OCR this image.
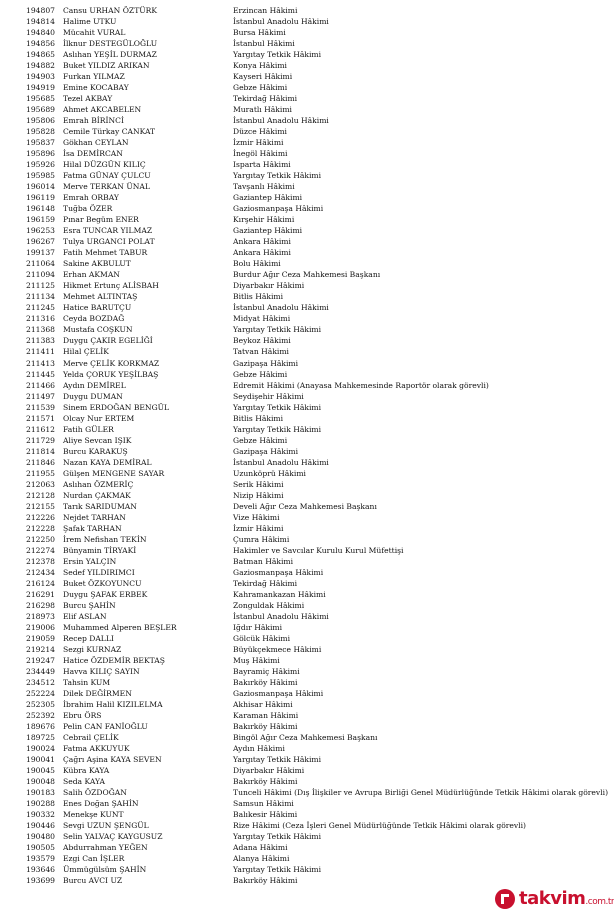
194807 Cansu URHAN ÖZTÜRK	Erzincan Hâkimi
194814 Halime UTKU	İstanbul Anadolu Hâkimi
194840 Mücahit VURAL	Bursa Hâkimi
194856 İlknur DESTEGÜLOĞLU	İstanbul Hâkimi
194865 Aslıhan YEŞİL DURMAZ	Yargıtay Tetkik Hâkimi
194882 Buket YILDIZ ARIKAN	Konya Hâkimi
194903 Furkan YILMAZ	Kayseri Hâkimi
194919 Emine KOCABAY	Gebze Hâkimi
195685 Tezel AKBAY	Tekirdağ Hâkimi
195689 Ahmet AKCABELEN	Muratlı Hâkimi
195806 Emrah BİRİNCİ	İstanbul Anadolu Hâkimi
195828 Cemile Türkay CANKAT	Düzce Hâkimi
195837 Gökhan CEYLAN	İzmir Hâkimi
195896 İsa DEMİRCAN	İnegöl Hâkimi
195926 Hilal DÜZGÜN KILIÇ	Isparta Hâkimi
195985 Fatma GÜNAY ÇULCU	Yargıtay Tetkik Hâkimi
196014 Merve TERKAN ÜNAL	Tavşanlı Hâkimi
196119 Emrah ORBAY	Gaziantep Hâkimi
196148 Tuğba ÖZER	Gaziosmanpaşa Hâkimi
196159 Pınar Begüm ENER	Kırşehir Hâkimi
196253 Esra TUNCAR YILMAZ	Gaziantep Hâkimi
196267 Tulya URGANCI POLAT	Ankara Hâkimi
199137 Fatih Mehmet TABUR	Ankara Hâkimi
211064 Sakine AKBULUT	Bolu Hâkimi
211094 Erhan AKMAN	Burdur Ağır Ceza Mahkemesi Başkanı
211125 Hikmet Ertunç ALİSBAH	Diyarbakır Hâkimi
211134 Mehmet ALTINTAŞ	Bitlis Hâkimi
211245 Hatice BARUTÇU	İstanbul Anadolu Hâkimi
211316 Ceyda BOZDAĞ	Midyat Hâkimi
211368 Mustafa COŞKUN	Yargıtay Tetkik Hâkimi
211383 Duygu ÇAKIR EGELİĞİ	Beykoz Hâkimi
211411 Hilal ÇELİK	Tatvan Hâkimi
211413 Merve ÇELİK KORKMAZ	Gazipaşa Hâkimi
211445 Yelda ÇORUK YEŞİLBAŞ	Gebze Hâkimi
211466 Aydın DEMİREL	Edremit Hâkimi (Anayasa Mahkemesinde Raportör olarak görevli)
211497 Duygu DUMAN	Seydişehir Hâkimi
211539 Sinem ERDOĞAN BENGÜL	Yargıtay Tetkik Hâkimi
211571 Olcay Nur ERTEM	Bitlis Hâkimi
211612 Fatih GÜLER	Yargıtay Tetkik Hâkimi
211729 Aliye Sevcan IŞIK	Gebze Hâkimi
211814 Burcu KARAKUŞ	Gazipaşa Hâkimi
211846 Nazan KAYA DEMİRAL	İstanbul Anadolu Hâkimi
211955 Gülşen MENGENE SAYAR	Uzunköprü Hâkimi
212063 Aslıhan ÖZMERİÇ	Serik Hâkimi
212128 Nurdan ÇAKMAK	Nizip Hâkimi
212155 Tarık SARIDUMAN	Develi Ağır Ceza Mahkemesi Başkanı
212226 Nejdet TARHAN	Vize Hâkimi
212228 Şafak TARHAN	İzmir Hâkimi
212250 İrem Nefishan TEKİN	Çumra Hâkimi
212274 Bünyamin TİRYAKİ	Hakimler ve Savcılar Kurulu Kurul Müfettişi
212378 Ersin YALÇIN	Batman Hâkimi
212434 Sedef YILDIRIMCI	Gaziosmanpaşa Hâkimi
216124 Buket ÖZKOYUNCU	Tekirdağ Hâkimi
216291 Duygu ŞAFAK ERBEK	Kahramankazan Hâkimi
216298 Burcu ŞAHİN	Zonguldak Hâkimi
218973 Elif ASLAN	İstanbul Anadolu Hâkimi
219006 Muhammed Alperen BEŞLER	Iğdır Hâkimi
219059 Recep DALLI	Gölcük Hâkimi
219214 Sezgi KURNAZ	Büyükçekmece Hâkimi
219247 Hatice ÖZDEMİR BEKTAŞ	Muş Hâkimi
234449 Havva KILIÇ SAYIN	Bayramiç Hâkimi
234512 Tahsin KUM	Bakırköy Hâkimi
252224 Dilek DEĞİRMEN	Gaziosmanpaşa Hâkimi
252305 İbrahim Halil KIZILELMA	Akhisar Hâkimi
252392 Ebru ÖRS	Karaman Hâkimi
189676 Pelin CAN FANİOĞLU	Bakırköy Hâkimi
189725 Cebrail ÇELİK	Bingöl Ağır Ceza Mahkemesi Başkanı
190024 Fatma AKKUYUK	Aydın Hâkimi
190041 Çağrı Aşina KAYA SEVEN	Yargıtay Tetkik Hâkimi
190045 Kübra KAYA	Diyarbakır Hâkimi
190048 Seda KAYA	Bakırköy Hâkimi
190183 Salih ÖZDOĞAN	Tunceli Hâkimi (Dış İlişkiler ve Avrupa Birliği Genel Müdürlüğünde Tetkik Hâkimi olarak görevli)
190288 Enes Doğan ŞAHİN	Samsun Hâkimi
190332 Menekşe KUNT	Balıkesir Hâkimi
190446 Sevgi UZUN ŞENGÜL	Rize Hâkimi (Ceza İşleri Genel Müdürlüğünde Tetkik Hâkimi olarak görevli)
190480 Selin YALVAÇ KAYGUSUZ	Yargıtay Tetkik Hâkimi
190505 Abdurrahman YEĞEN	Adana Hâkimi
193579 Ezgi Can İŞLER	Alanya Hâkimi
193646 Ümmügülsüm ŞAHİN	Yargıtay Tetkik Hâkimi
193699 Burcu AVCI UZ	Bakırköy Hâkimi
takvim.com.tr
